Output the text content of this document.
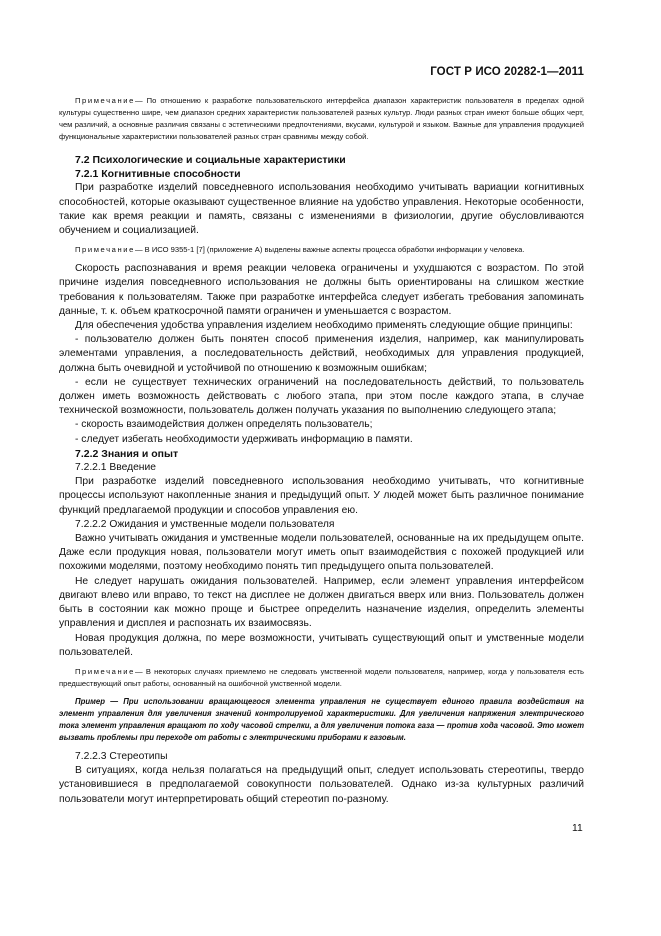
ГОСТ Р ИСО 20282-1—2011

Примечание— По отношению к разработке пользовательского интерфейса диапазон характеристик пользователя в пределах одной культуры существенно шире, чем диапазон средних характеристик пользователей разных культур. Люди разных стран имеют больше общих черт, чем различий, а основные различия связаны с эстетическими предпочтениями, вкусами, культурой и языком. Важные для управления продукцией функциональные характеристики пользователей разных стран сравнимы между собой.

7.2 Психологические и социальные характеристики

7.2.1 Когнитивные способности

При разработке изделий повседневного использования необходимо учитывать вариации когнитивных способностей, которые оказывают существенное влияние на удобство управления. Некоторые особенности, такие как время реакции и память, связаны с изменениями в физиологии, другие обусловливаются обучением и социализацией.

Примечание— В ИСО 9355-1 [7] (приложение А) выделены важные аспекты процесса обработки информации у человека.

Скорость распознавания и время реакции человека ограничены и ухудшаются с возрастом. По этой причине изделия повседневного использования не должны быть ориентированы на слишком жесткие требования к пользователям. Также при разработке интерфейса следует избегать требования запоминать данные, т. к. объем краткосрочной памяти ограничен и уменьшается с возрастом.

Для обеспечения удобства управления изделием необходимо применять следующие общие принципы:

- пользователю должен быть понятен способ применения изделия, например, как манипулировать элементами управления, а последовательность действий, необходимых для управления продукцией, должна быть очевидной и устойчивой по отношению к возможным ошибкам;

- если не существует технических ограничений на последовательность действий, то пользователь должен иметь возможность действовать с любого этапа, при этом после каждого этапа, в случае технической возможности, пользователь должен получать указания по выполнению следующего этапа;

- скорость взаимодействия должен определять пользователь;

- следует избегать необходимости удерживать информацию в памяти.

7.2.2 Знания и опыт

7.2.2.1 Введение

При разработке изделий повседневного использования необходимо учитывать, что когнитивные процессы используют накопленные знания и предыдущий опыт. У людей может быть различное понимание функций предлагаемой продукции и способов управления ею.

7.2.2.2 Ожидания и умственные модели пользователя

Важно учитывать ожидания и умственные модели пользователей, основанные на их предыдущем опыте. Даже если продукция новая, пользователи могут иметь опыт взаимодействия с похожей продукцией или похожими моделями, поэтому необходимо понять тип предыдущего опыта пользователей.

Не следует нарушать ожидания пользователей. Например, если элемент управления интерфейсом двигают влево или вправо, то текст на дисплее не должен двигаться вверх или вниз. Пользователь должен быть в состоянии как можно проще и быстрее определить назначение изделия, определить элементы управления и дисплея и распознать их взаимосвязь.

Новая продукция должна, по мере возможности, учитывать существующий опыт и умственные модели пользователей.

Примечание— В некоторых случаях приемлемо не следовать умственной модели пользователя, например, когда у пользователя есть предшествующий опыт работы, основанный на ошибочной умственной модели.

Пример — При использовании вращающегося элемента управления не существует единого правила воздействия на элемент управления для увеличения значений контролируемой характеристики. Для увеличения напряжения электрического тока элемент управления вращают по ходу часовой стрелки, а для увеличения потока газа — против хода часовой. Это может вызвать проблемы при переходе от работы с электрическими приборами к газовым.

7.2.2.3 Стереотипы

В ситуациях, когда нельзя полагаться на предыдущий опыт, следует использовать стереотипы, твердо установившиеся в предполагаемой совокупности пользователей. Однако из-за культурных различий пользователи могут интерпретировать общий стереотип по-разному.

11
